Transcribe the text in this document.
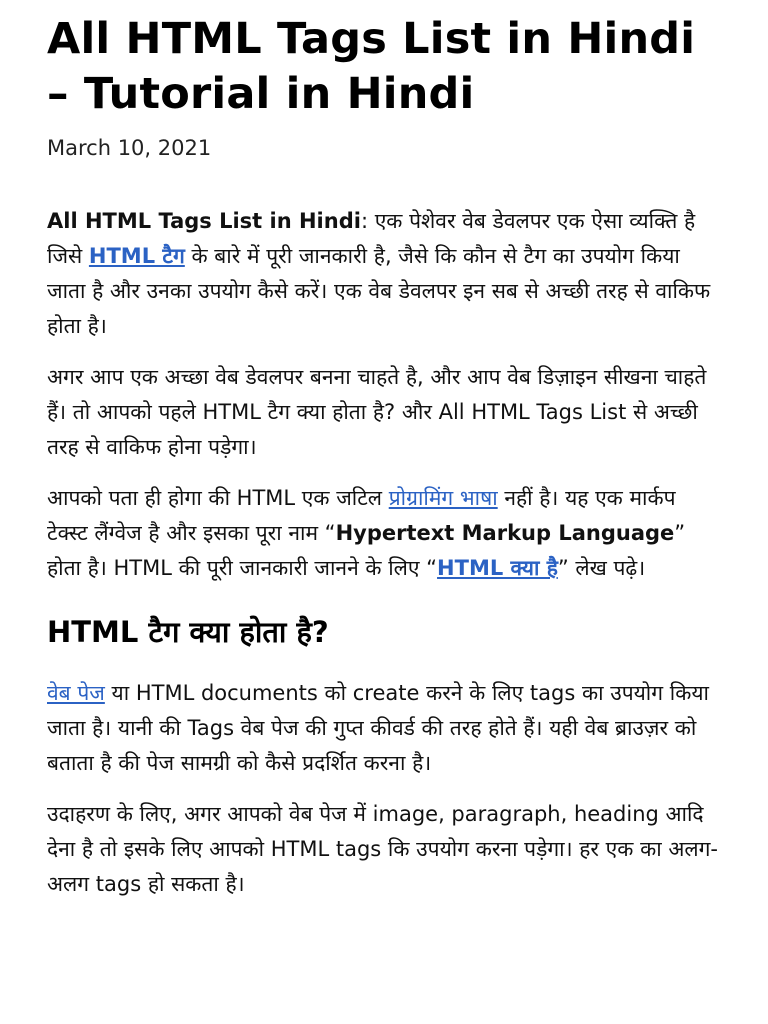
All HTML Tags List in Hindi
– Tutorial in Hindi
March 10, 2021

All HTML Tags List in Hindi: एक पेशेवर वेब डेवलपर एक ऐसा व्यक्ति है जिसे HTML टैग के बारे में पूरी जानकारी है, जैसे कि कौन से टैग का उपयोग किया जाता है और उनका उपयोग कैसे करें। एक वेब डेवलपर इन सब से अच्छी तरह से वाकिफ होता है।

अगर आप एक अच्छा वेब डेवलपर बनना चाहते है, और आप वेब डिज़ाइन सीखना चाहते हैं। तो आपको पहले HTML टैग क्या होता है? और All HTML Tags List से अच्छी तरह से वाकिफ होना पड़ेगा।

आपको पता ही होगा की HTML एक जटिल प्रोग्रामिंग भाषा नहीं है। यह एक मार्कप टेक्स्ट लैंग्वेज है और इसका पूरा नाम “Hypertext Markup Language” होता है। HTML की पूरी जानकारी जानने के लिए “HTML क्या है” लेख पढ़े।

HTML टैग क्या होता है?

वेब पेज या HTML documents को create करने के लिए tags का उपयोग किया जाता है। यानी की Tags वेब पेज की गुप्त कीवर्ड की तरह होते हैं। यही वेब ब्राउज़र को बताता है की पेज सामग्री को कैसे प्रदर्शित करना है।

उदाहरण के लिए, अगर आपको वेब पेज में image, paragraph, heading आदि देना है तो इसके लिए आपको HTML tags कि उपयोग करना पड़ेगा। हर एक का अलग-अलग tags हो सकता है।
